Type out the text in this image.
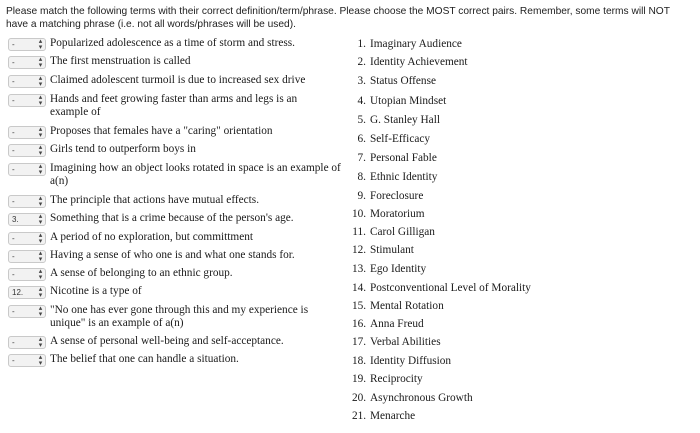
Please match the following terms with their correct definition/term/phrase. Please choose the MOST correct pairs. Remember, some terms will NOT have a matching phrase (i.e. not all words/phrases will be used).
-	▴
▾ Popularized adolescence as a time of storm and stress.
-	▴
▾ The first menstruation is called
-	▴
▾ Claimed adolescent turmoil is due to increased sex drive
-	▴
▾ Hands and feet growing faster than arms and legs is an example of
-	▴
▾ Proposes that females have a "caring" orientation
-	▴
▾ Girls tend to outperform boys in
-	▴
▾ Imagining how an object looks rotated in space is an example of a(n)
-	▴
▾ The principle that actions have mutual effects.
3.	▴
▾ Something that is a crime because of the person's age.
-	▴
▾ A period of no exploration, but committment
-	▴
▾ Having a sense of who one is and what one stands for.
-	▴
▾ A sense of belonging to an ethnic group.
12. ▴
▾ Nicotine is a type of
-	▴
▾ "No one has ever gone through this and my experience is unique" is an example of a(n)
-	▴
▾ A sense of personal well-being and self-acceptance.
-	▴
▾ The belief that one can handle a situation.
1. Imaginary Audience
2. Identity Achievement
3. Status Offense
4. Utopian Mindset
5. G. Stanley Hall
6. Self-Efficacy
7. Personal Fable
8. Ethnic Identity
9. Foreclosure
10. Moratorium
11. Carol Gilligan
12. Stimulant
13. Ego Identity
14. Postconventional Level of Morality
15. Mental Rotation
16. Anna Freud
17. Verbal Abilities
18. Identity Diffusion
19. Reciprocity
20. Asynchronous Growth
21. Menarche
